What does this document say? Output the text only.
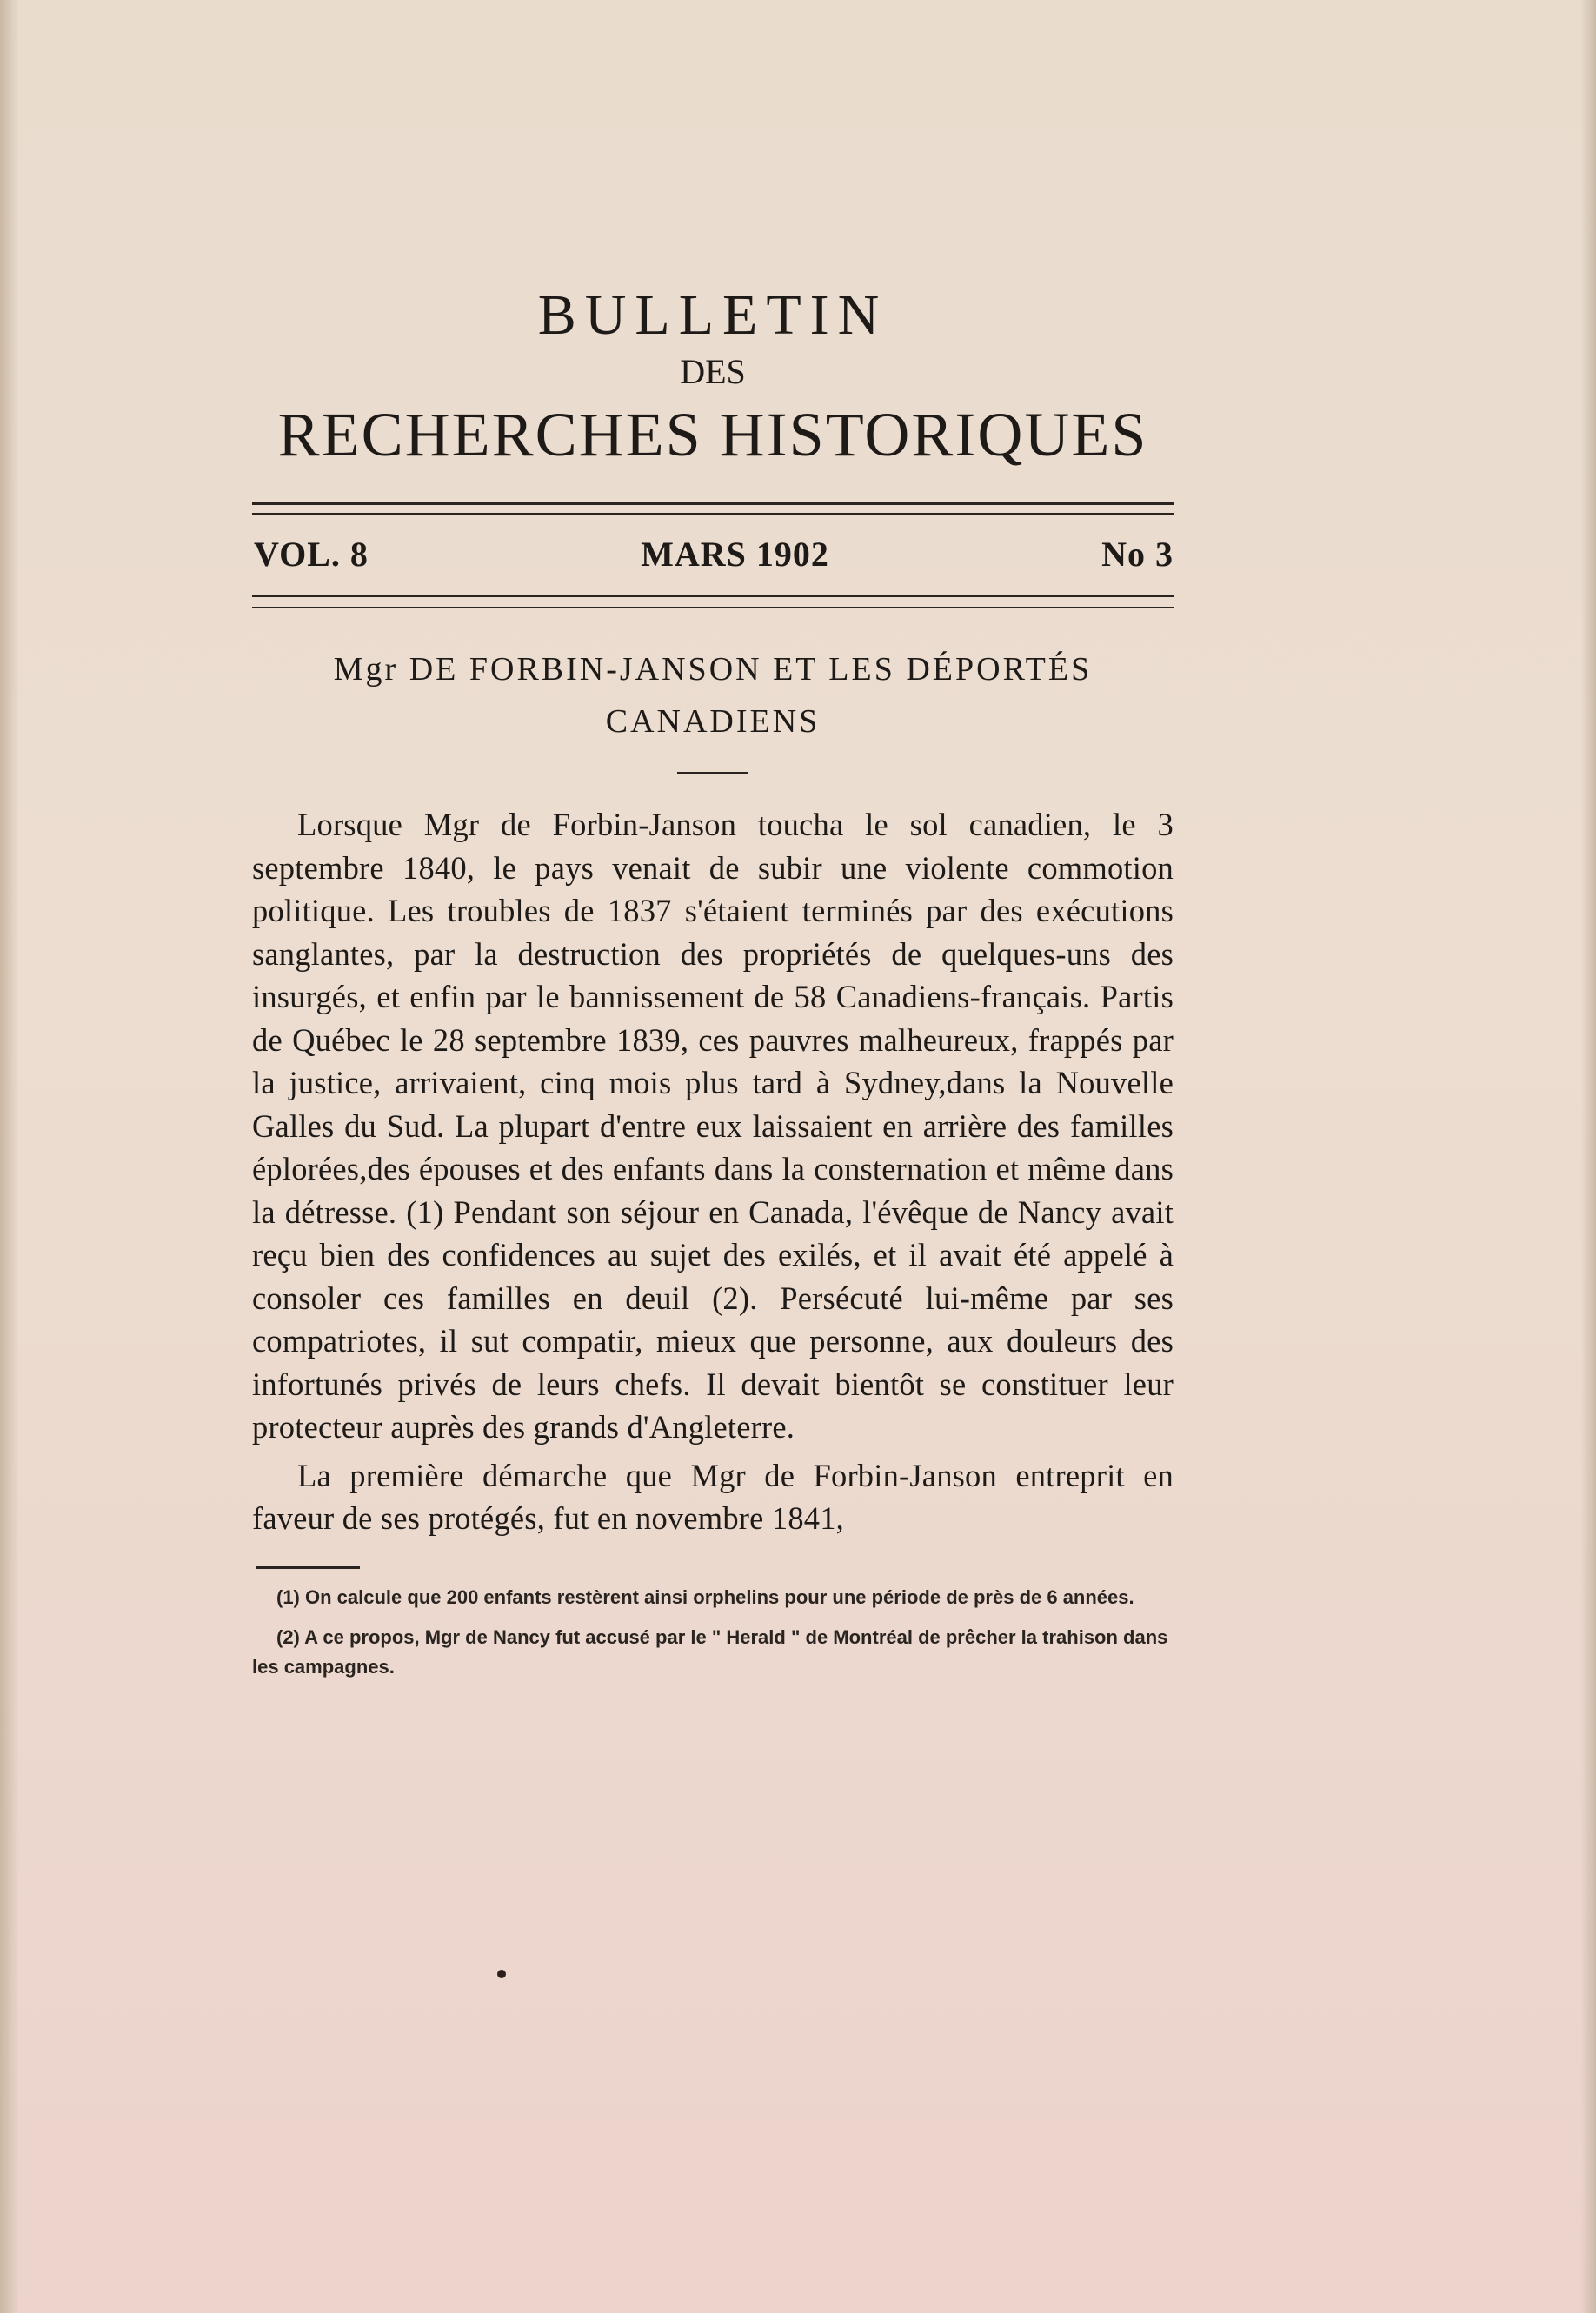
BULLETIN
DES
RECHERCHES HISTORIQUES
VOL. 8	MARS 1902	No 3
Mgr DE FORBIN-JANSON ET LES DÉPORTÉS
CANADIENS

Lorsque Mgr de Forbin-Janson toucha le sol canadien, le 3 septembre 1840, le pays venait de subir une violente commotion politique. Les troubles de 1837 s'étaient terminés par des exécutions sanglantes, par la destruction des propriétés de quelques-uns des insurgés, et enfin par le bannissement de 58 Canadiens-français. Partis de Québec le 28 septembre 1839, ces pauvres malheureux, frappés par la justice, arrivaient, cinq mois plus tard à Sydney,dans la Nouvelle Galles du Sud. La plupart d'entre eux laissaient en arrière des familles éplorées,des épouses et des enfants dans la consternation et même dans la détresse. (1) Pendant son séjour en Canada, l'évêque de Nancy avait reçu bien des confidences au sujet des exilés, et il avait été appelé à consoler ces familles en deuil (2). Persécuté lui-même par ses compatriotes, il sut compatir, mieux que personne, aux douleurs des infortunés privés de leurs chefs. Il devait bientôt se constituer leur protecteur auprès des grands d'Angleterre.

La première démarche que Mgr de Forbin-Janson entreprit en faveur de ses protégés, fut en novembre 1841,

(1) On calcule que 200 enfants restèrent ainsi orphelins pour une période de près de 6 années.

(2) A ce propos, Mgr de Nancy fut accusé par le " Herald " de Montréal de prêcher la trahison dans les campagnes.
